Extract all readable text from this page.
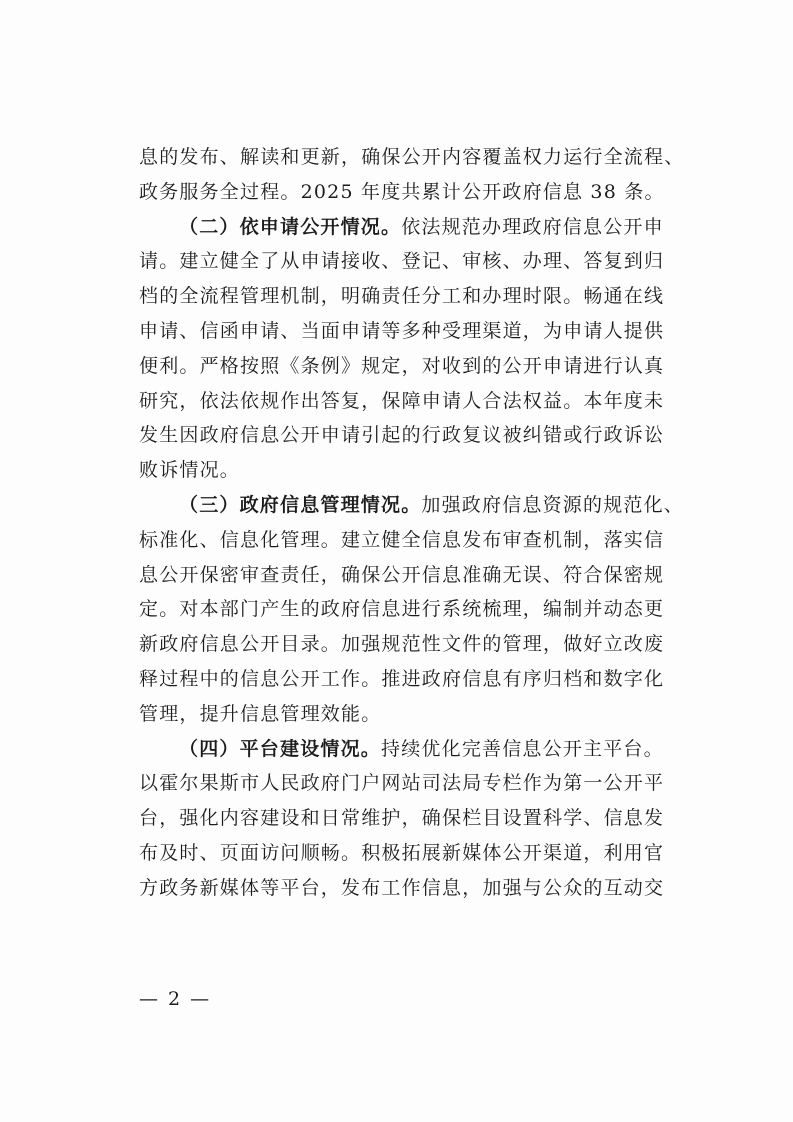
息的发布、解读和更新，确保公开内容覆盖权力运行全流程、
政务服务全过程。2025 年度共累计公开政府信息 38 条。
（二）依申请公开情况。依法规范办理政府信息公开申
请。建立健全了从申请接收、登记、审核、办理、答复到归
档的全流程管理机制，明确责任分工和办理时限。畅通在线
申请、信函申请、当面申请等多种受理渠道，为申请人提供
便利。严格按照《条例》规定，对收到的公开申请进行认真
研究，依法依规作出答复，保障申请人合法权益。本年度未
发生因政府信息公开申请引起的行政复议被纠错或行政诉讼
败诉情况。
（三）政府信息管理情况。加强政府信息资源的规范化、
标准化、信息化管理。建立健全信息发布审查机制，落实信
息公开保密审查责任，确保公开信息准确无误、符合保密规
定。对本部门产生的政府信息进行系统梳理，编制并动态更
新政府信息公开目录。加强规范性文件的管理，做好立改废
释过程中的信息公开工作。推进政府信息有序归档和数字化
管理，提升信息管理效能。
（四）平台建设情况。持续优化完善信息公开主平台。
以霍尔果斯市人民政府门户网站司法局专栏作为第一公开平
台，强化内容建设和日常维护，确保栏目设置科学、信息发
布及时、页面访问顺畅。积极拓展新媒体公开渠道，利用官
方政务新媒体等平台，发布工作信息，加强与公众的互动交
— 2 —
